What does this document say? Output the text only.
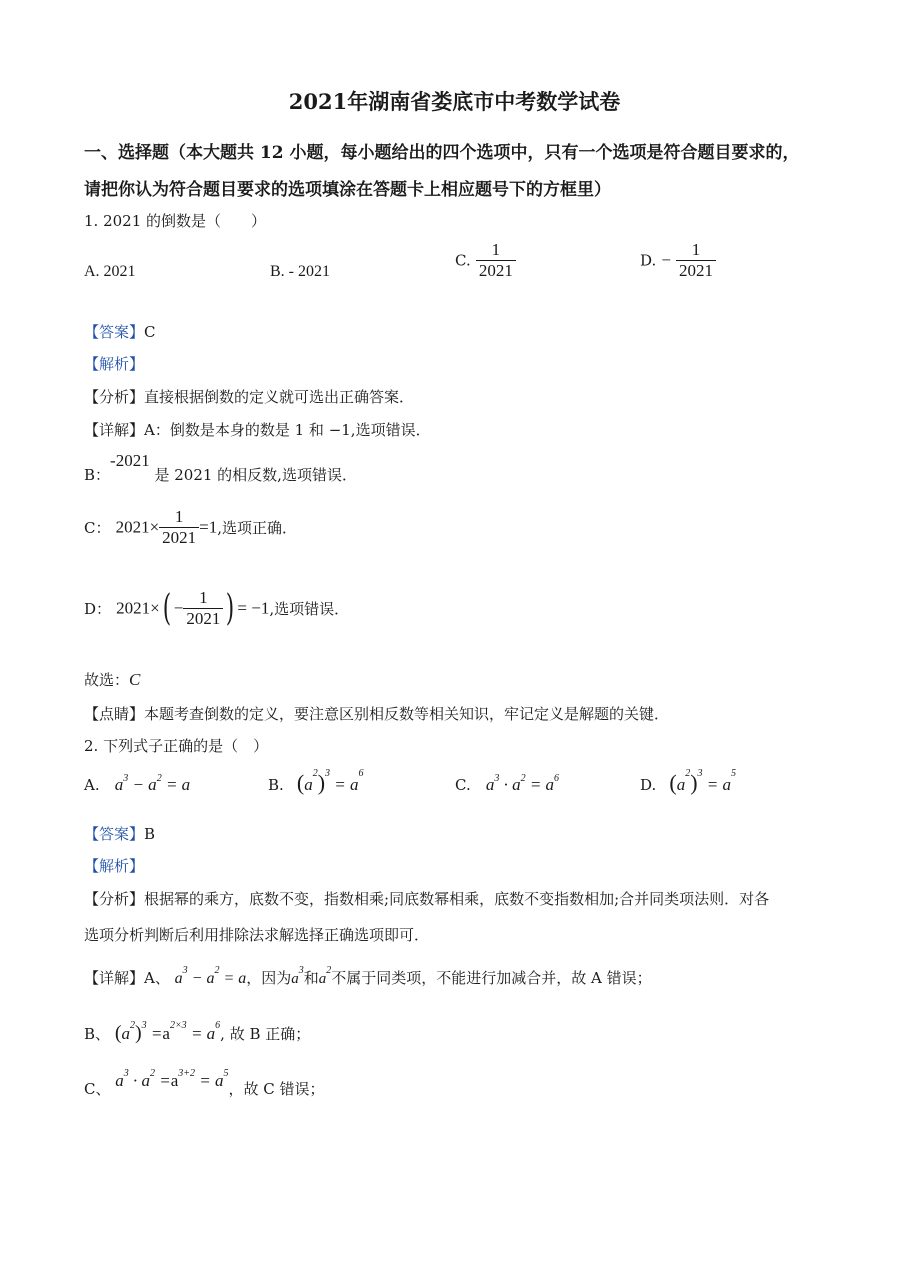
2021年湖南省娄底市中考数学试卷
一、选择题（本大题共 12 小题，每小题给出的四个选项中，只有一个选项是符合题目要求的，
请把你认为符合题目要求的选项填涂在答题卡上相应题号下的方框里）
1. 2021 的倒数是（　　）
A. 2021	B. - 2021
C. $\frac{1}{2021}$	D. − $\frac{1}{2021}$
【答案】C
【解析】
【分析】直接根据倒数的定义就可选出正确答案．
【详解】A：倒数是本身的数是 1 和 −1,选项错误．
B：-2021 是 2021 的相反数,选项错误．
C： $2021\times \frac{1}{2021} =1$,选项正确．
D： $2021\times( - \frac{1}{2021}$ ) = −1,选项错误．
故选：C
【点睛】本题考查倒数的定义，要注意区别相反数等相关知识，牢记定义是解题的关键．
2. 下列式子正确的是（　）
A. $a^3 - a^2 = a$	B. $(a^2)^3 = a^6$
C. $a^3 \cdot a^2 = a^6$	D. $(a^2)^3 = a^5$
【答案】B
【解析】
【分析】根据幂的乘方，底数不变，指数相乘;同底数幂相乘，底数不变指数相加;合并同类项法则．对各
选项分析判断后利用排除法求解选择正确选项即可．
【详解】A、 $a^3 - a^2 = a$，因为$a^3$和$a^2$不属于同类项，不能进行加减合并，故 A 错误；
B、 $(a^2)^3 =a^{2\times 3} = a^6$, 故 B 正确；
C、 $a^3 \cdot a^2 =a^{3+2} = a^5$，故 C 错误；
